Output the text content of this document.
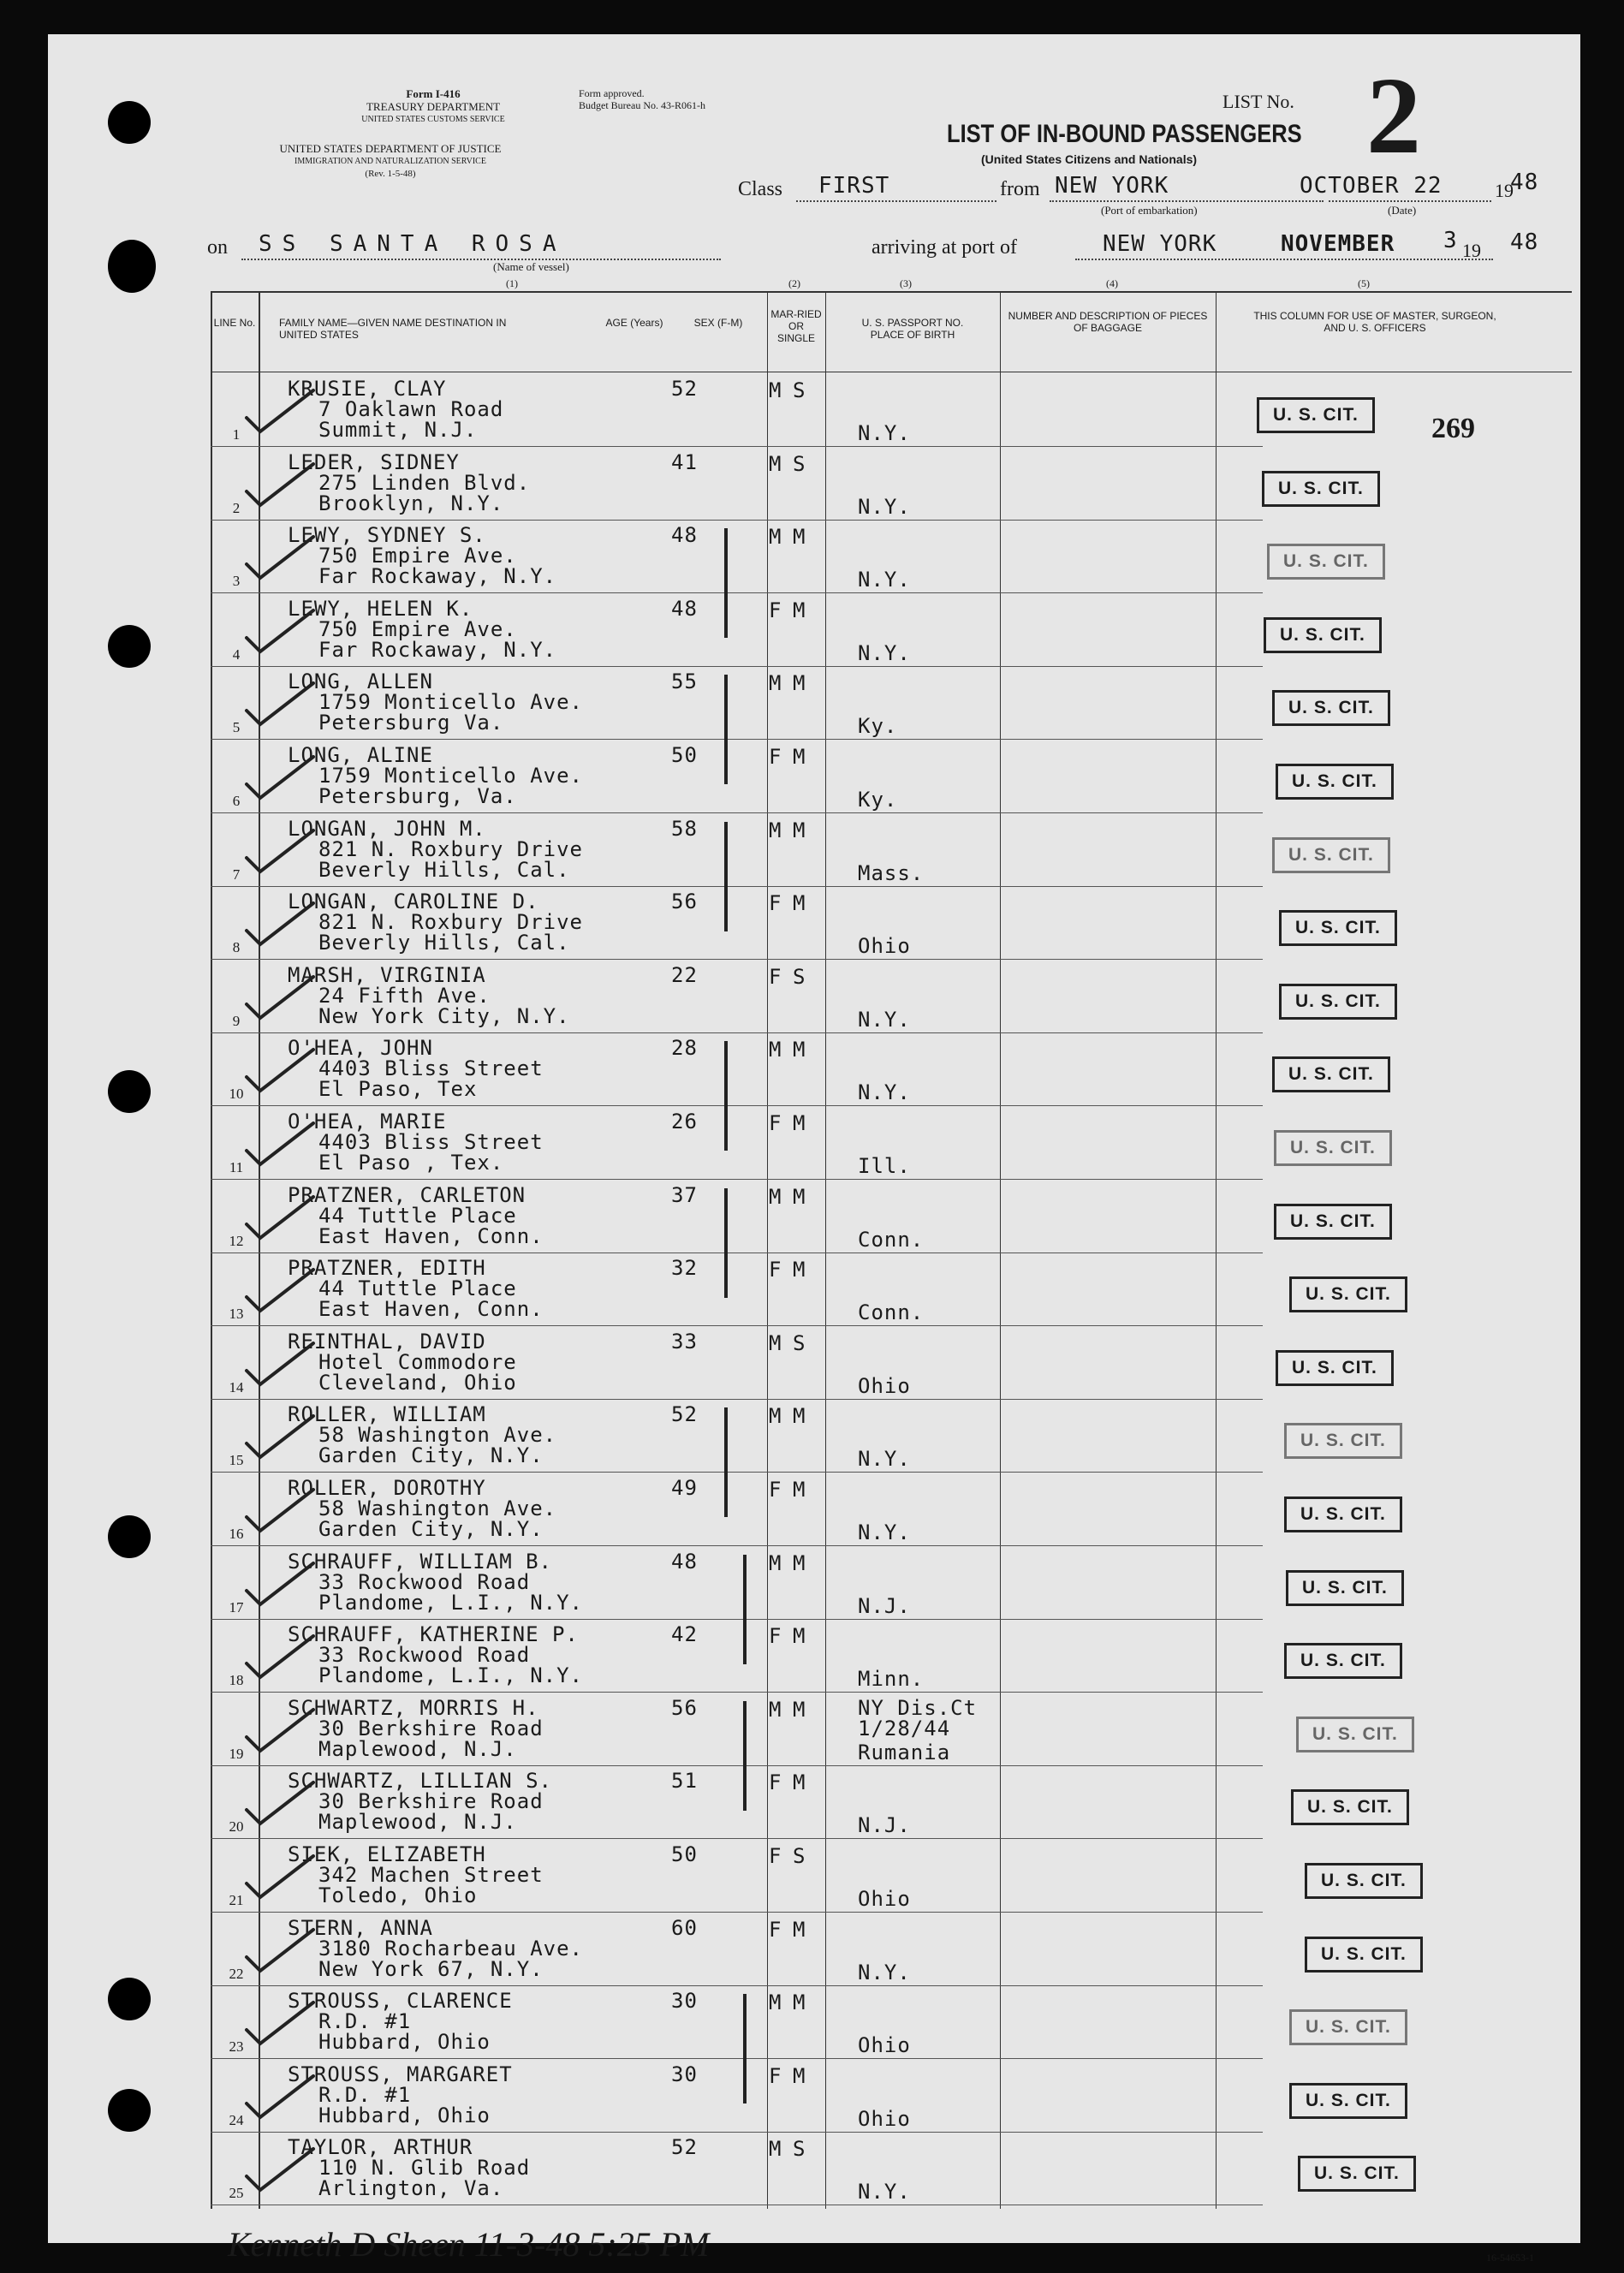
Form I-416
TREASURY DEPARTMENT
UNITED STATES CUSTOMS SERVICE
UNITED STATES DEPARTMENT OF JUSTICE
IMMIGRATION AND NATURALIZATION SERVICE
(Rev. 1-5-48)
Form approved.
Budget Bureau No. 43-R061-h	LIST No. 2
LIST OF IN-BOUND PASSENGERS
(United States Citizens and Nationals)
Class FIRST	from NEW YORK
(Port of embarkation)
OCTOBER 22	19
48
(Date)
on SS SANTA ROSA
(Name of vessel)
arriving at port of	NEW YORK	NOVEMBER 3 19 48
(1)	(2)	(3)	(4)	(5)
LINE No. FAMILY NAME—GIVEN NAME DESTINATION IN UNITED STATES
AGE (Years)	SEX (F-M)
MAR-RIED OR SINGLE
U. S. PASSPORT NO. PLACE OF BIRTH
NUMBER AND DESCRIPTION OF PIECES OF BAGGAGE
THIS COLUMN FOR USE OF MASTER, SURGEON, AND U. S. OFFICERS
269
1
KRUSIE, CLAY
7 Oaklawn Road
Summit, N.J.
52	M S
N.Y.
U. S. CIT.
2
LEDER, SIDNEY
275 Linden Blvd.
Brooklyn, N.Y.
41	M S
N.Y.
U. S. CIT.
3
LEWY, SYDNEY S.
750 Empire Ave.
Far Rockaway, N.Y.
48	M M
N.Y.
U. S. CIT.
4
LEWY, HELEN K.
750 Empire Ave.
Far Rockaway, N.Y.
48	F M
N.Y.
U. S. CIT.
5
LONG, ALLEN
1759 Monticello Ave.
Petersburg Va.
55	M M
Ky.
U. S. CIT.
6
LONG, ALINE
1759 Monticello Ave.
Petersburg, Va.
50	F M
Ky.
U. S. CIT.
7
LONGAN, JOHN M.
821 N. Roxbury Drive
Beverly Hills, Cal.
58	M M
Mass.
U. S. CIT.
8
LONGAN, CAROLINE D.
821 N. Roxbury Drive
Beverly Hills, Cal.
56	F M
Ohio
U. S. CIT.
9
MARSH, VIRGINIA
24 Fifth Ave.
New York City, N.Y.
22	F S
N.Y.
U. S. CIT.
10
O'HEA, JOHN
4403 Bliss Street
El Paso, Tex
28	M M
N.Y.
U. S. CIT.
11
O'HEA, MARIE
4403 Bliss Street
El Paso , Tex.
26	F M
Ill.
U. S. CIT.
12
PRATZNER, CARLETON
44 Tuttle Place
East Haven, Conn.
37	M M
Conn.
U. S. CIT.
13
PRATZNER, EDITH
44 Tuttle Place
East Haven, Conn.
32	F M
Conn.
U. S. CIT.
14
REINTHAL, DAVID
Hotel Commodore
Cleveland, Ohio
33	M S
Ohio
U. S. CIT.
15
ROLLER, WILLIAM
58 Washington Ave.
Garden City, N.Y.
52	M M
N.Y.
U. S. CIT.
16
ROLLER, DOROTHY
58 Washington Ave.
Garden City, N.Y.
49	F M
N.Y.
U. S. CIT.
17
SCHRAUFF, WILLIAM B.
33 Rockwood Road
Plandome, L.I., N.Y.
48	M M
N.J.
U. S. CIT.
18
SCHRAUFF, KATHERINE P.
33 Rockwood Road
Plandome, L.I., N.Y.
42	F M
Minn.
U. S. CIT.
19
SCHWARTZ, MORRIS H.
30 Berkshire Road
Maplewood, N.J.
56	M M	NY Dis.Ct
1/28/44
Rumania
U. S. CIT.
20
SCHWARTZ, LILLIAN S.
30 Berkshire Road
Maplewood, N.J.
51	F M
N.J.
U. S. CIT.
21
SIEK, ELIZABETH
342 Machen Street
Toledo, Ohio
50	F S
Ohio
U. S. CIT.
22
STERN, ANNA
3180 Rocharbeau Ave.
New York 67, N.Y.
60	F M
N.Y.
U. S. CIT.
23
STROUSS, CLARENCE
R.D. #1
Hubbard, Ohio
30	M M
Ohio
U. S. CIT.
24
STROUSS, MARGARET
R.D. #1
Hubbard, Ohio
30	F M
Ohio
U. S. CIT.
25
TAYLOR, ARTHUR
110 N. Glib Road
Arlington, Va.
52	M S
N.Y.
U. S. CIT.
Kenneth D Sheen 11-3-48 5:25 PM	16-54653-1
